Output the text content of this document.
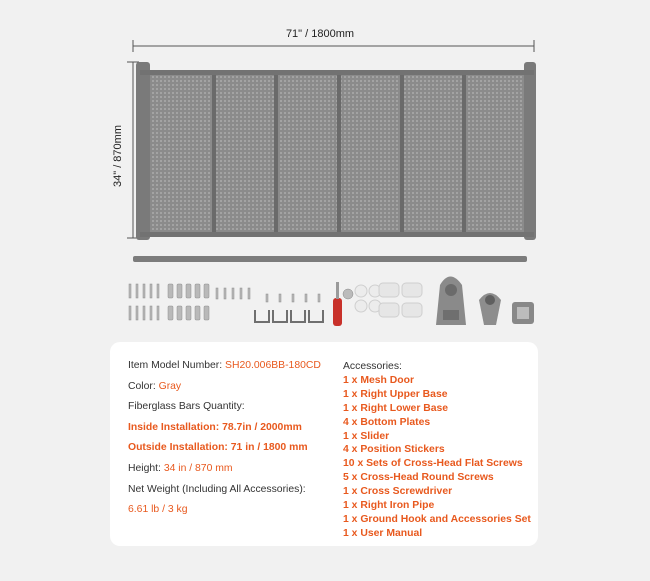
71" / 1800mm
34" / 870mm
Item Model Number: SH20.006BB-180CD
Color: Gray
Fiberglass Bars Quantity:
Inside Installation: 78.7in / 2000mm
Outside Installation: 71 in / 1800 mm
Height: 34 in / 870 mm
Net Weight (Including All Accessories):
6.61 lb / 3 kg
Accessories:
1 x Mesh Door
1 x Right Upper Base
1 x Right Lower Base
4 x Bottom Plates
1 x Slider
4 x Position Stickers
10 x Sets of Cross-Head Flat Screws
5 x Cross-Head Round Screws
1 x Cross Screwdriver
1 x Right Iron Pipe
1 x Ground Hook and Accessories Set
1 x User Manual
